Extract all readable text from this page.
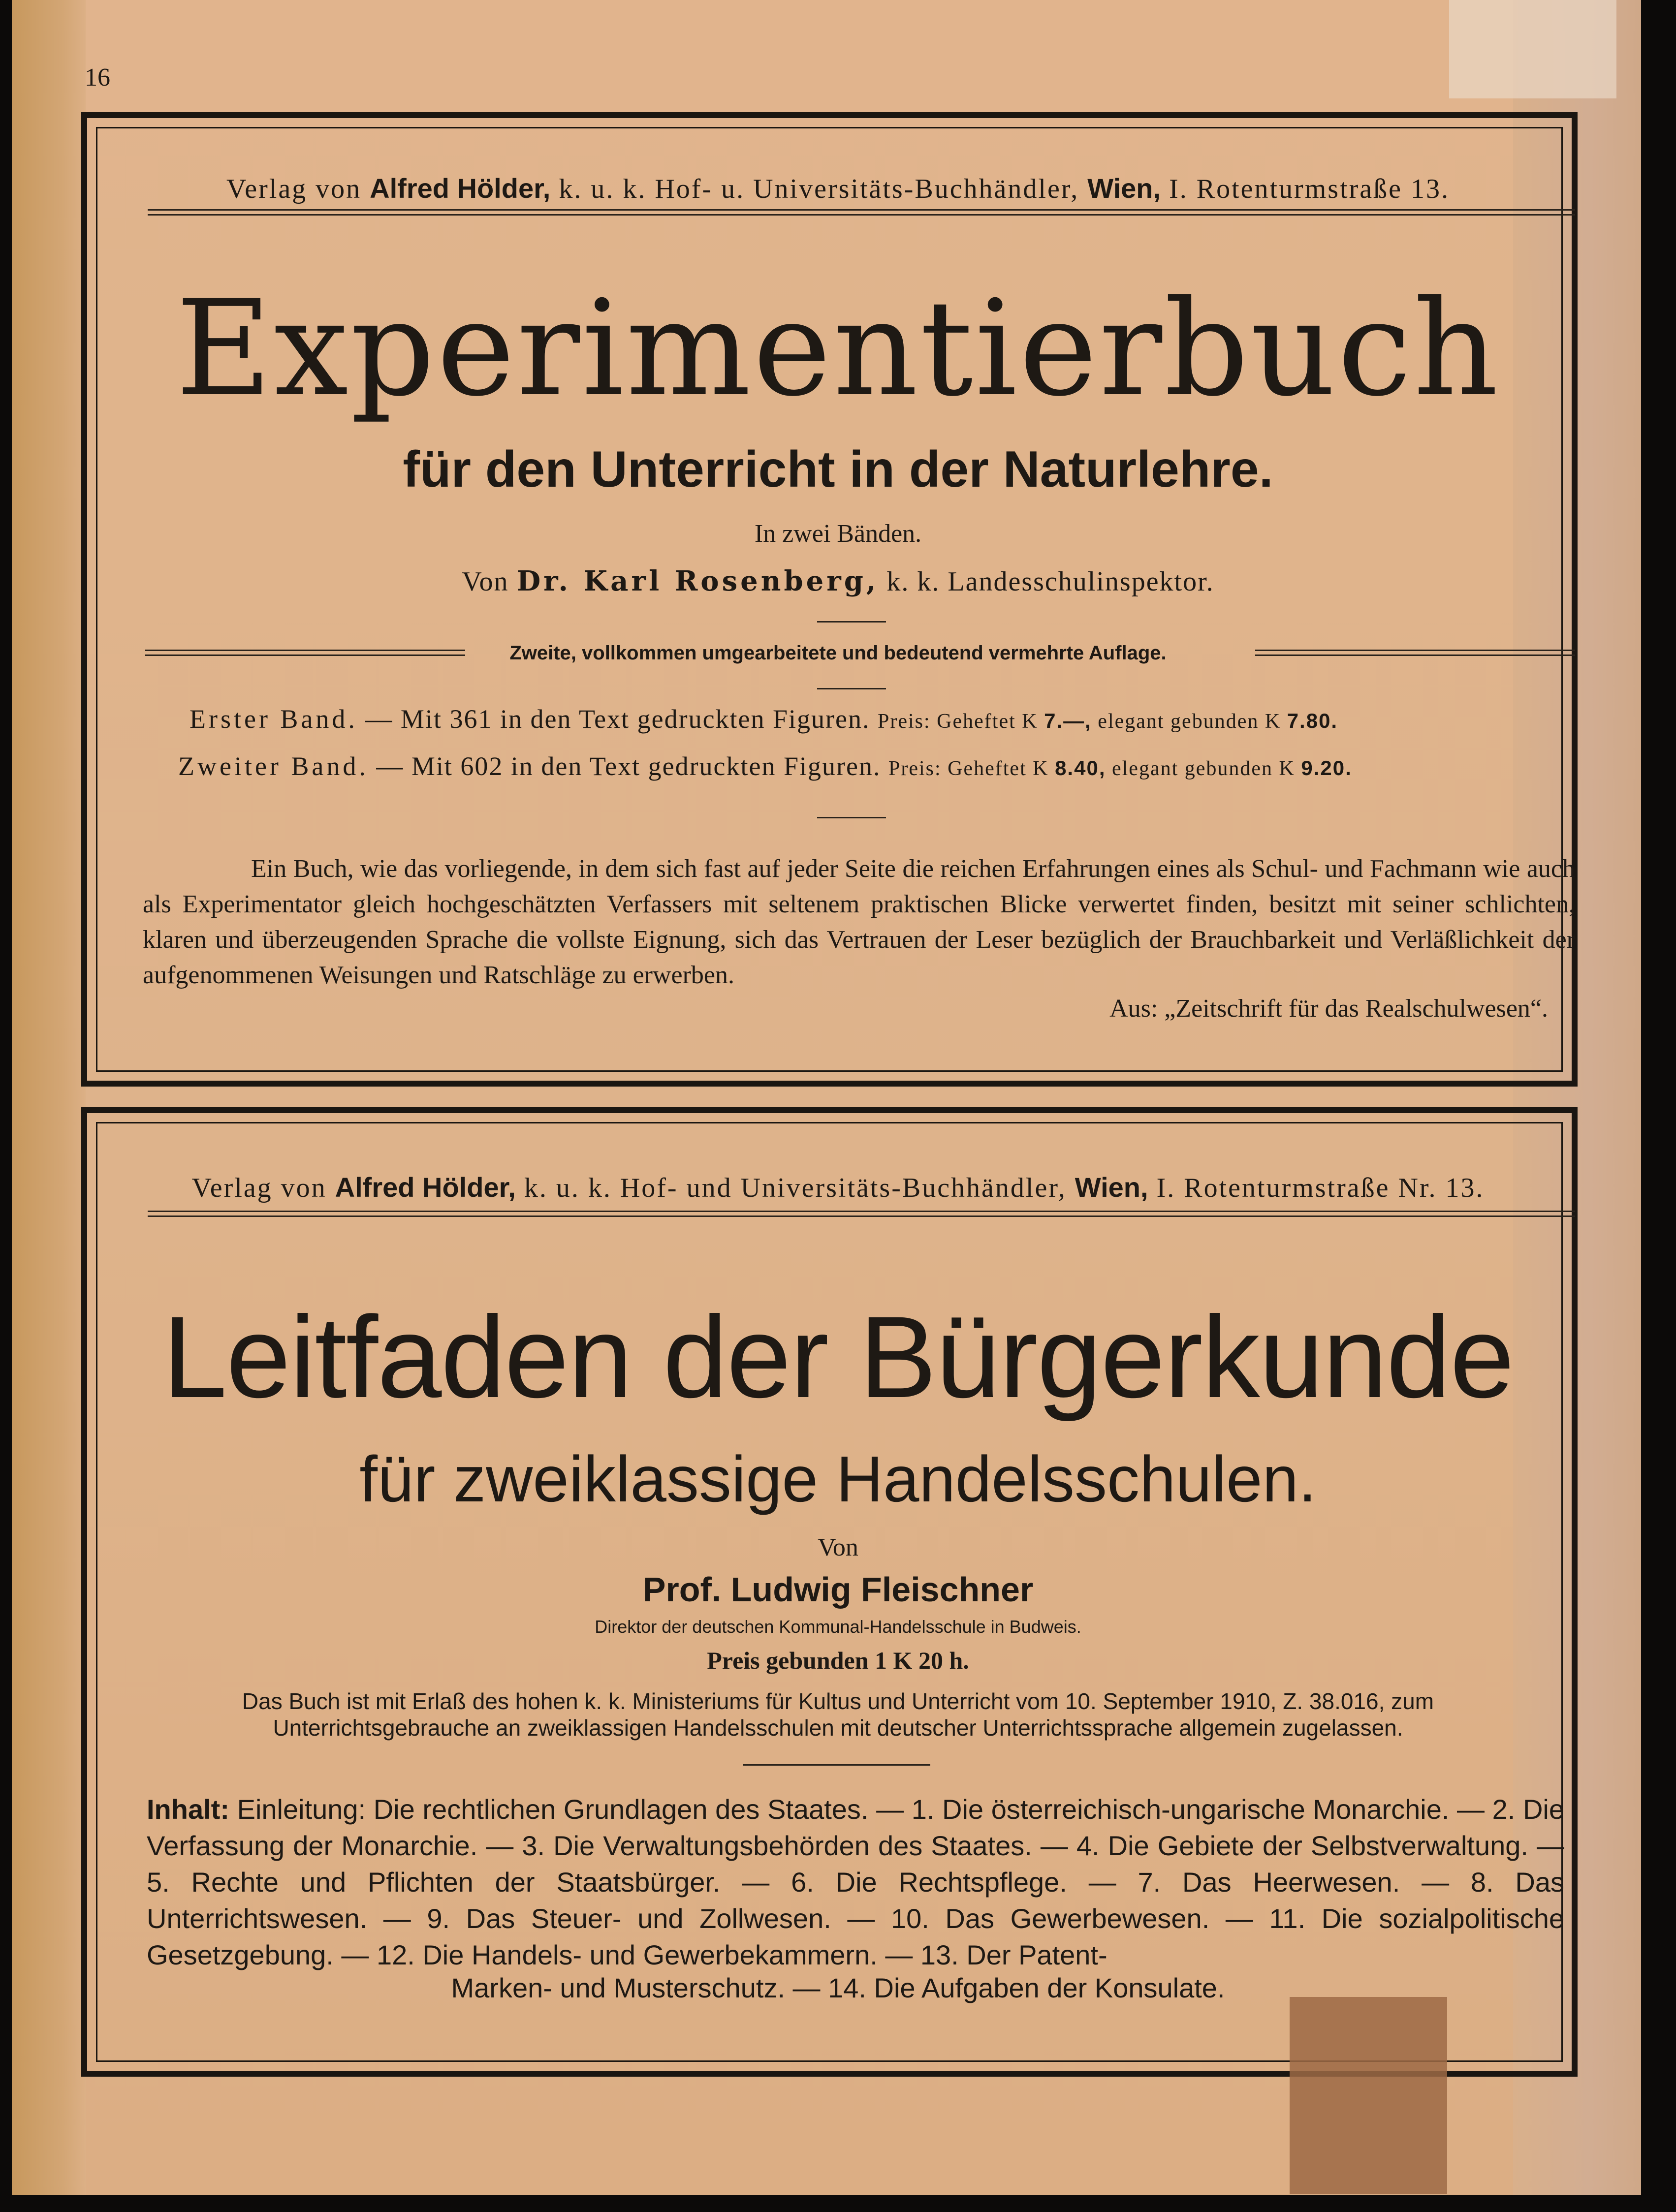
16
Verlag von Alfred Hölder, k. u. k. Hof- u. Universitäts-Buchhändler, Wien, I. Rotenturmstraße 13.
Experimentierbuch
für den Unterricht in der Naturlehre.
In zwei Bänden.
Von Dr. Karl Rosenberg, k. k. Landesschulinspektor.
Zweite, vollkommen umgearbeitete und bedeutend vermehrte Auflage.
Erster Band. — Mit 361 in den Text gedruckten Figuren. Preis: Geheftet K 7.—, elegant gebunden K 7.80.
Zweiter Band. — Mit 602 in den Text gedruckten Figuren. Preis: Geheftet K 8.40, elegant gebunden K 9.20.
Ein Buch, wie das vorliegende, in dem sich fast auf jeder Seite die reichen Erfahrungen eines als Schul- und Fachmann wie auch als Experimentator gleich hochgeschätzten Verfassers mit seltenem praktischen Blicke verwertet finden, besitzt mit seiner schlichten, klaren und überzeugenden Sprache die vollste Eignung, sich das Vertrauen der Leser bezüglich der Brauchbarkeit und Verläßlichkeit der aufgenommenen Weisungen und Ratschläge zu erwerben.
Aus: „Zeitschrift für das Realschulwesen“.
Verlag von Alfred Hölder, k. u. k. Hof- und Universitäts-Buchhändler, Wien, I. Rotenturmstraße Nr. 13.
Leitfaden der Bürgerkunde
für zweiklassige Handelsschulen.
Von
Prof. Ludwig Fleischner
Direktor der deutschen Kommunal-Handelsschule in Budweis.
Preis gebunden 1 K 20 h.
Das Buch ist mit Erlaß des hohen k. k. Ministeriums für Kultus und Unterricht vom 10. September 1910, Z. 38.016, zum
Unterrichtsgebrauche an zweiklassigen Handelsschulen mit deutscher Unterrichtssprache allgemein zugelassen.
Inhalt: Einleitung: Die rechtlichen Grundlagen des Staates. — 1. Die österreichisch-ungarische Monarchie. — 2. Die Verfassung der Monarchie. — 3. Die Verwaltungsbehörden des Staates. — 4. Die Gebiete der Selbstverwaltung. — 5. Rechte und Pflichten der Staatsbürger. — 6. Die Rechtspflege. — 7. Das Heerwesen. — 8. Das Unterrichtswesen. — 9. Das Steuer- und Zollwesen. — 10. Das Gewerbewesen. — 11. Die sozialpolitische Gesetzgebung. — 12. Die Handels- und Gewerbekammern. — 13. Der Patent-
Marken- und Musterschutz. — 14. Die Aufgaben der Konsulate.
